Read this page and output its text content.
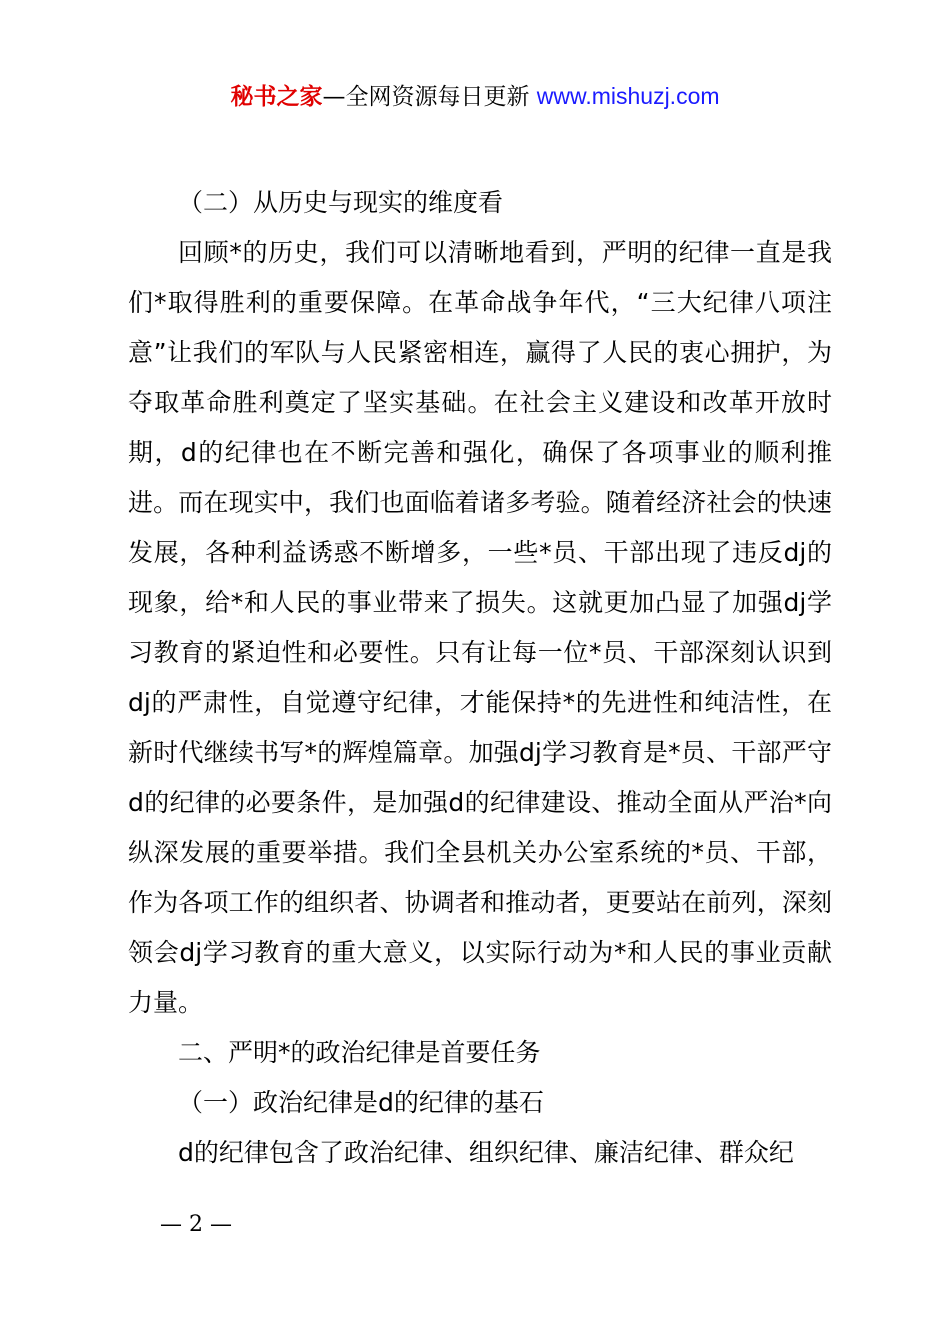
秘书之家—全网资源每日更新 www.mishuzj.com

（二）从历史与现实的维度看

回顾*的历史，我们可以清晰地看到，严明的纪律一直是我们*取得胜利的重要保障。在革命战争年代，“三大纪律八项注意”让我们的军队与人民紧密相连，赢得了人民的衷心拥护，为夺取革命胜利奠定了坚实基础。在社会主义建设和改革开放时期，d的纪律也在不断完善和强化，确保了各项事业的顺利推进。而在现实中，我们也面临着诸多考验。随着经济社会的快速发展，各种利益诱惑不断增多，一些*员、干部出现了违反dj的现象，给*和人民的事业带来了损失。这就更加凸显了加强dj学习教育的紧迫性和必要性。只有让每一位*员、干部深刻认识到dj的严肃性，自觉遵守纪律，才能保持*的先进性和纯洁性，在新时代继续书写*的辉煌篇章。加强dj学习教育是*员、干部严守d的纪律的必要条件，是加强d的纪律建设、推动全面从严治*向纵深发展的重要举措。我们全县机关办公室系统的*员、干部，作为各项工作的组织者、协调者和推动者，更要站在前列，深刻领会dj学习教育的重大意义，以实际行动为*和人民的事业贡献力量。

二、严明*的政治纪律是首要任务

（一）政治纪律是d的纪律的基石

d的纪律包含了政治纪律、组织纪律、廉洁纪律、群众纪

— 2 —
